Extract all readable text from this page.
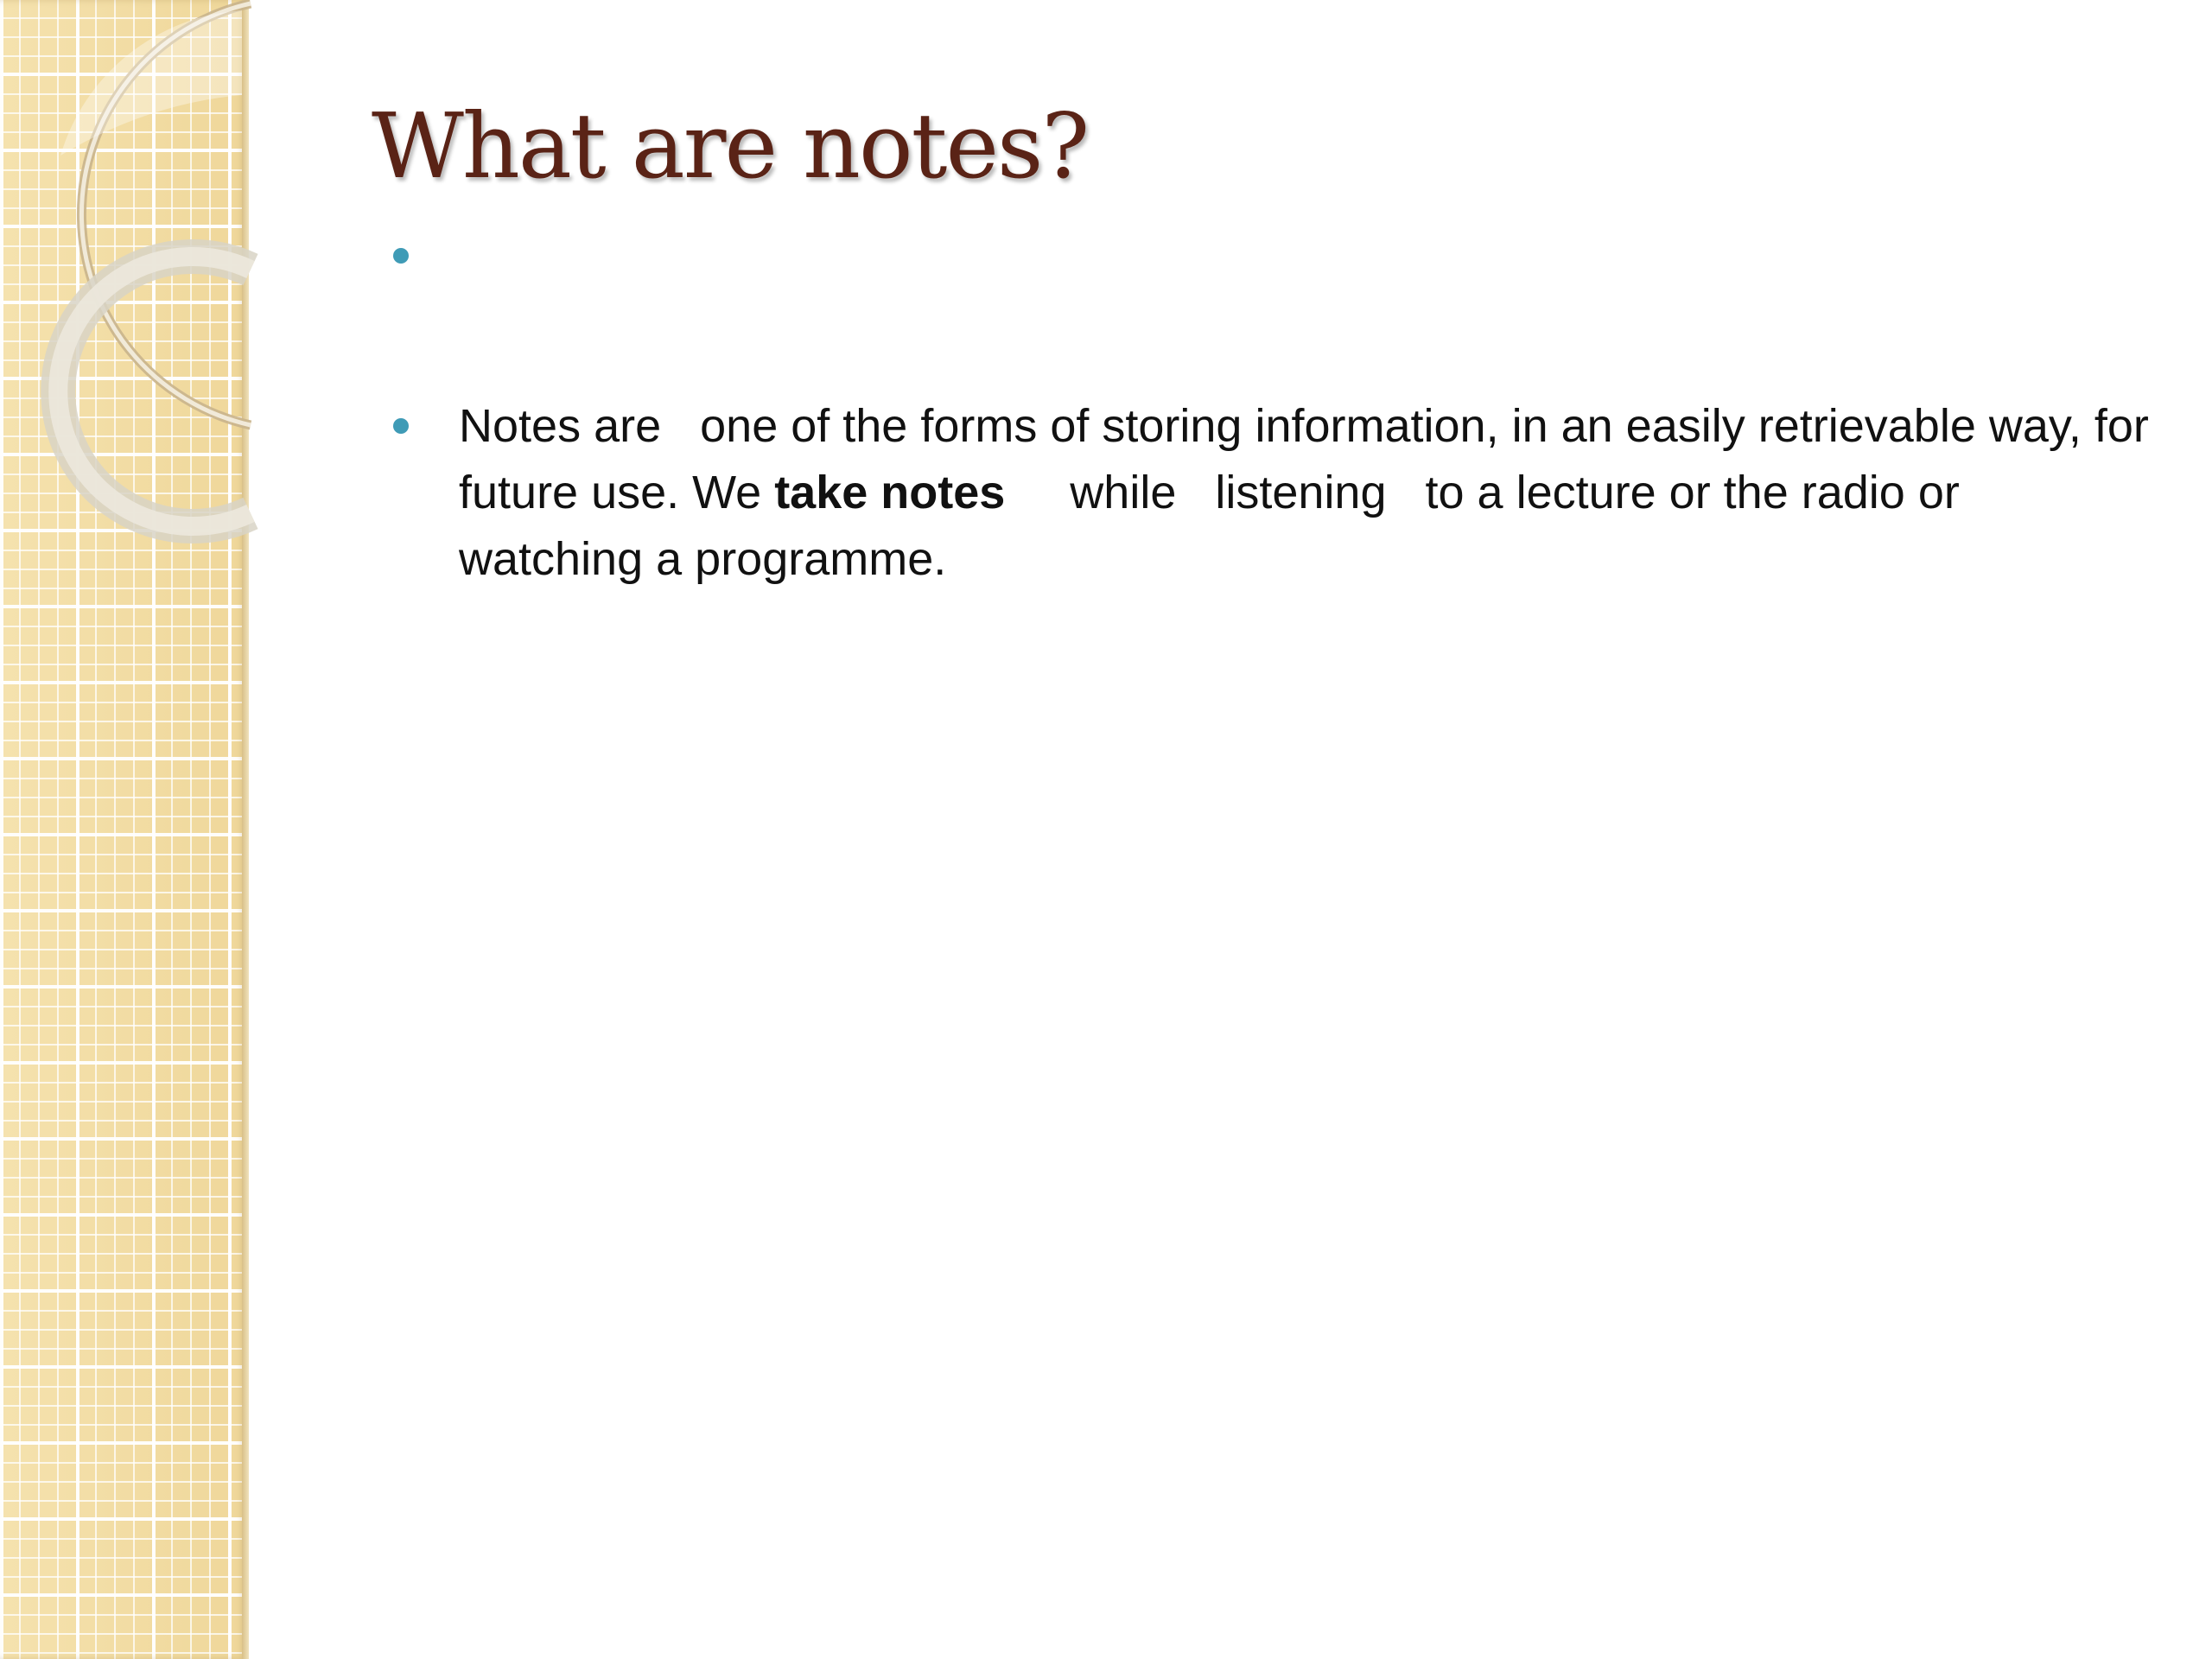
What are notes?
Notes are   one of the forms of storing information, in an easily retrievable way, for future use. We take notes     while   listening   to a lecture or the radio or watching a programme.
